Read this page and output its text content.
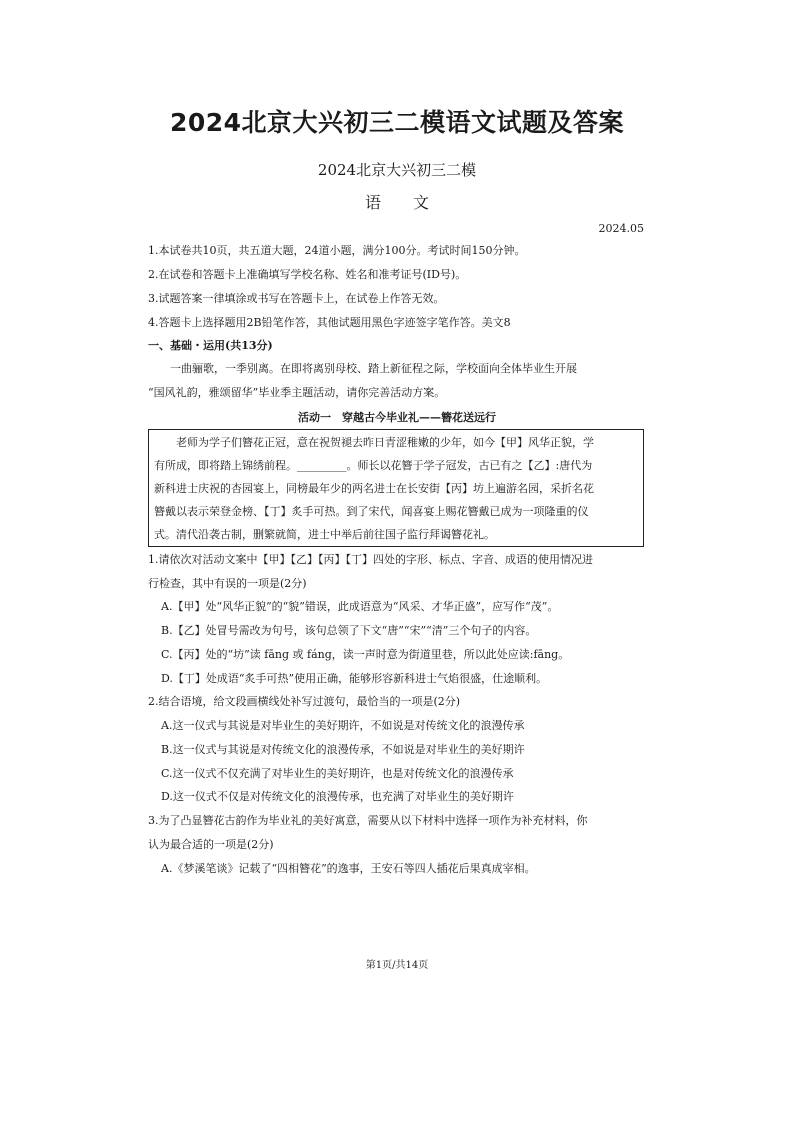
2024北京大兴初三二模语文试题及答案
2024北京大兴初三二模
语　　文
2024.05
1.本试卷共10页，共五道大题，24道小题，满分100分。考试时间150分钟。
2.在试卷和答题卡上准确填写学校名称、姓名和准考证号(ID号)。
3.试题答案一律填涂或书写在答题卡上，在试卷上作答无效。
4.答题卡上选择题用2B铅笔作答，其他试题用黑色字迹签字笔作答。美文8
一、基础・运用(共13分)
　　一曲骊歌，一季别离。在即将离别母校、踏上新征程之际，学校面向全体毕业生开展
“国风礼韵，雅颂留华”毕业季主题活动，请你完善活动方案。
活动一　穿越古今毕业礼——簪花送远行
　　老师为学子们簪花正冠，意在祝贺褪去昨日青涩稚嫩的少年，如今【甲】风华正貌，学
有所成，即将踏上锦绣前程。_________。师长以花簪于学子冠发，古已有之【乙】:唐代为
新科进士庆祝的杏园宴上，同榜最年少的两名进士在长安街【丙】坊上遍游名园，采折名花
簪戴以表示荣登金榜、【丁】炙手可热。到了宋代，闻喜宴上赐花簪戴已成为一项隆重的仪
式。清代沿袭古制，删繁就简，进士中举后前往国子监行拜谒簪花礼。
1.请依次对活动文案中【甲】【乙】【丙】【丁】四处的字形、标点、字音、成语的使用情况进
行检查，其中有误的一项是(2分)
A.【甲】处“风华正貌”的“貌”错误，此成语意为“风采、才华正盛”，应写作“茂”。
B.【乙】处冒号需改为句号，该句总领了下文“唐”“宋”“清”三个句子的内容。
C.【丙】处的“坊”读 fāng 或 fáng，读一声时意为街道里巷，所以此处应读:fāng。
D.【丁】处成语“炙手可热”使用正确，能够形容新科进士气焰很盛，仕途顺利。
2.结合语境，给文段画横线处补写过渡句，最恰当的一项是(2分)
A.这一仪式与其说是对毕业生的美好期许，不如说是对传统文化的浪漫传承
B.这一仪式与其说是对传统文化的浪漫传承，不如说是对毕业生的美好期许
C.这一仪式不仅充满了对毕业生的美好期许，也是对传统文化的浪漫传承
D.这一仪式不仅是对传统文化的浪漫传承，也充满了对毕业生的美好期许
3.为了凸显簪花古韵作为毕业礼的美好寓意，需要从以下材料中选择一项作为补充材料，你
认为最合适的一项是(2分)
A.《梦溪笔谈》记载了“四相簪花”的逸事，王安石等四人插花后果真成宰相。
第1页/共14页
